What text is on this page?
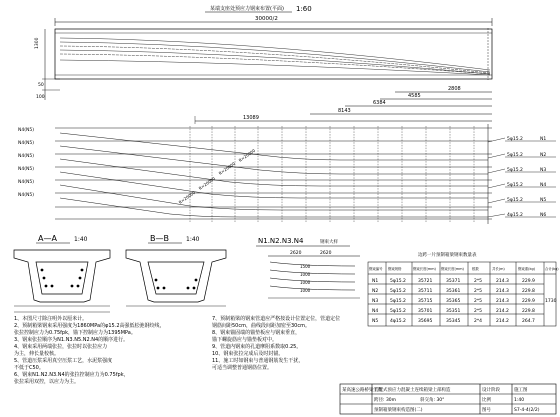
某端支座处预应力钢束布置(平面) 1:60
30000/2
1300
50
100
2808
4585
6384
8143
13089
N4(N5)
N4(N5)
N4(N5)
N4(N5)
N4(N5)
N4(N5)
R=20000
R=20000
R=20000
R=20000
5φ15.2	N1
5φ15.2	N2
5φ15.2	N3
5φ15.2	N4
5φ15.2	N5
4φ15.2	N6
A—A	1:40	B—B	1:40	N1.N2.N3.N4	钢束大样
2620	2620
1500
1000
1000
1000
边跨一片预制箱梁钢束数量表
钢束编号 钢束规格	钢束长度(mm) 钢束长度(mm) 根数	共长(m)	钢束重(kg)	合计(kg)
N1	5φ15.2	35721	35371	2*5	214.3	229.9
N2	5φ15.2	35711	35361	2*5	214.3	229.8
N3	5φ15.2	35715	35365	2*5	214.3	229.9
N4	5φ15.2	35701	35351	2*5	214.2	229.8
N5	4φ15.2	35695	35345	2*4	214.2	264.7
1730
某高速公路桥梁工程
装配式预应力混凝土连续箱梁上部构造
跨径: 30m	斜交角: 30°
预制箱梁钢束构造图(二)
设计阶段	施工图
比例	1:40
图号	S7-4-4(2/2)
1、本图尺寸除注明外以厘米计。
2、预制箱梁钢束采用强度为1860MPa的φ15.2高强低松弛钢绞线，
张拉控制应力为0.75fpk，锚下控制应力为1395MPa。
3、钢束张拉顺序为N1.N3.N5.N2.N4的顺序进行。
4、钢束采用两端张拉，张拉时以张拉应力
为主，伸长量校核。
5、管道压浆采用真空压浆工艺，水泥浆强度
不低于C50。
6、钢束N1.N2.N3.N4的张拉控制应力为0.75fpk，
张拉采用双控，以应力为主。
7、预制箱梁的钢束管道应严格按设计位置定位，管道定位
钢筋间距50cm，曲线段间距加密至30cm。
8、钢束锚固端的锚垫板应与钢束垂直，
锚下螺旋筋应与锚垫板对中。
9、管道内钢束的孔道摩阻系数取0.25。
10、钢束张拉完成后及时封锚。
11、施工时如钢束与普通钢筋发生干扰，
可适当调整普通钢筋位置。
